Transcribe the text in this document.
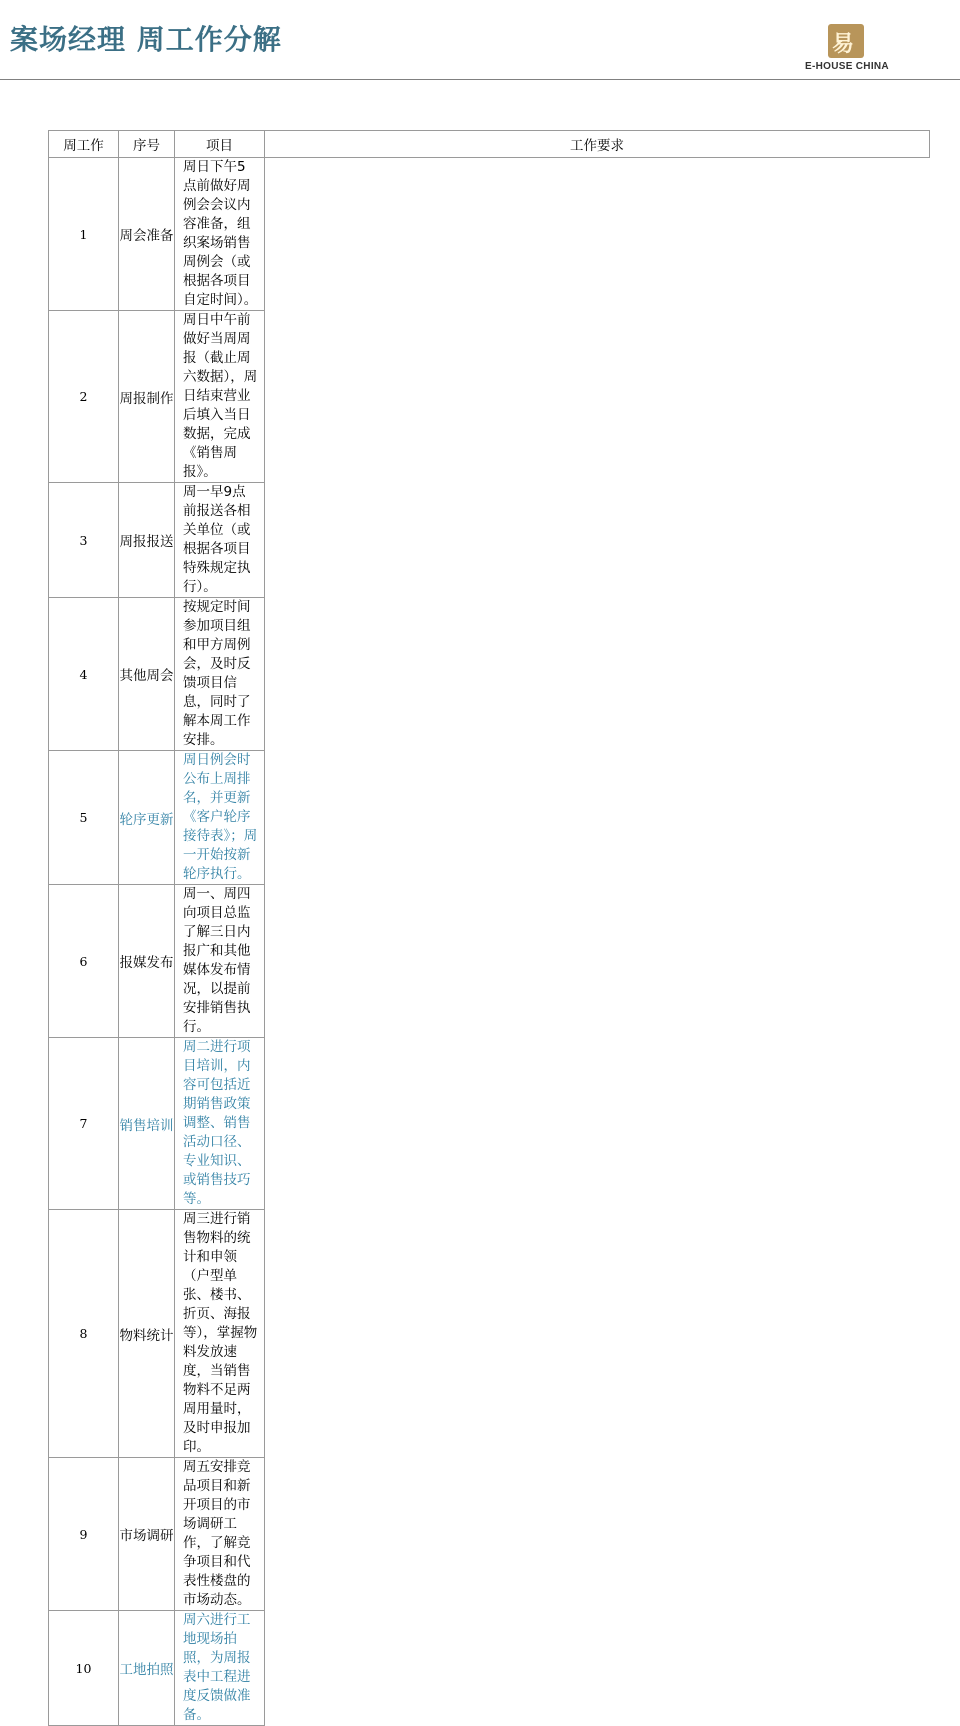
案场经理 周工作分解	易
E-HOUSE CHINA
周工作	序号	项目	工作要求
1	周会准备	周日下午5点前做好周例会会议内容准备，组织案场销售周例会（或根据各项目自定时间）。	
2	周报制作	周日中午前做好当周周报（截止周六数据），周日结束营业后填入当日数据，完成《销售周报》。	
3	周报报送	周一早9点前报送各相关单位（或根据各项目特殊规定执行）。	
4	其他周会	按规定时间参加项目组和甲方周例会，及时反馈项目信息，同时了解本周工作安排。	
5	轮序更新	周日例会时公布上周排名，并更新《客户轮序接待表》；周一开始按新轮序执行。	
6	报媒发布	周一、周四向项目总监了解三日内报广和其他媒体发布情况，以提前安排销售执行。	
7	销售培训	周二进行项目培训，内容可包括近期销售政策调整、销售活动口径、专业知识、或销售技巧等。	
8	物料统计	周三进行销售物料的统计和申领（户型单张、楼书、折页、海报等），掌握物料发放速度，当销售物料不足两周用量时，及时申报加印。	
9	市场调研	周五安排竞品项目和新开项目的市场调研工作，了解竞争项目和代表性楼盘的市场动态。	
10	工地拍照	周六进行工地现场拍照，为周报表中工程进度反馈做准备。	
